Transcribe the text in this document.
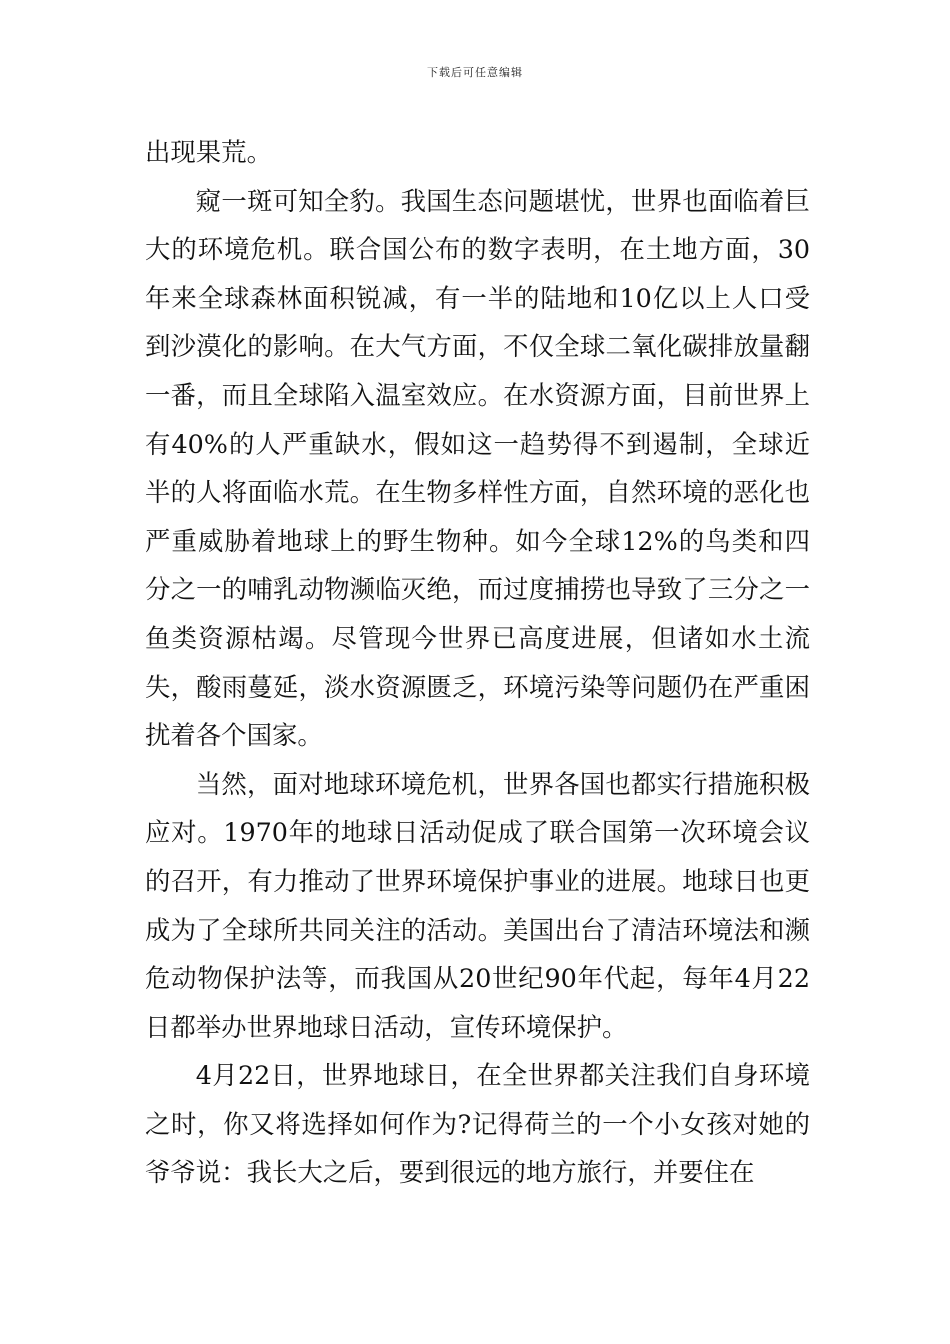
下载后可任意编辑

出现果荒。

窥一斑可知全豹。我国生态问题堪忧，世界也面临着巨大的环境危机。联合国公布的数字表明，在土地方面，30年来全球森林面积锐减，有一半的陆地和10亿以上人口受到沙漠化的影响。在大气方面，不仅全球二氧化碳排放量翻一番，而且全球陷入温室效应。在水资源方面，目前世界上有40%的人严重缺水，假如这一趋势得不到遏制，全球近半的人将面临水荒。在生物多样性方面，自然环境的恶化也严重威胁着地球上的野生物种。如今全球12%的鸟类和四分之一的哺乳动物濒临灭绝，而过度捕捞也导致了三分之一鱼类资源枯竭。尽管现今世界已高度进展，但诸如水土流失，酸雨蔓延，淡水资源匮乏，环境污染等问题仍在严重困扰着各个国家。

当然，面对地球环境危机，世界各国也都实行措施积极应对。1970年的地球日活动促成了联合国第一次环境会议的召开，有力推动了世界环境保护事业的进展。地球日也更成为了全球所共同关注的活动。美国出台了清洁环境法和濒危动物保护法等，而我国从20世纪90年代起，每年4月22日都举办世界地球日活动，宣传环境保护。

4月22日，世界地球日，在全世界都关注我们自身环境之时，你又将选择如何作为?记得荷兰的一个小女孩对她的爷爷说：我长大之后，要到很远的地方旅行，并要住在
